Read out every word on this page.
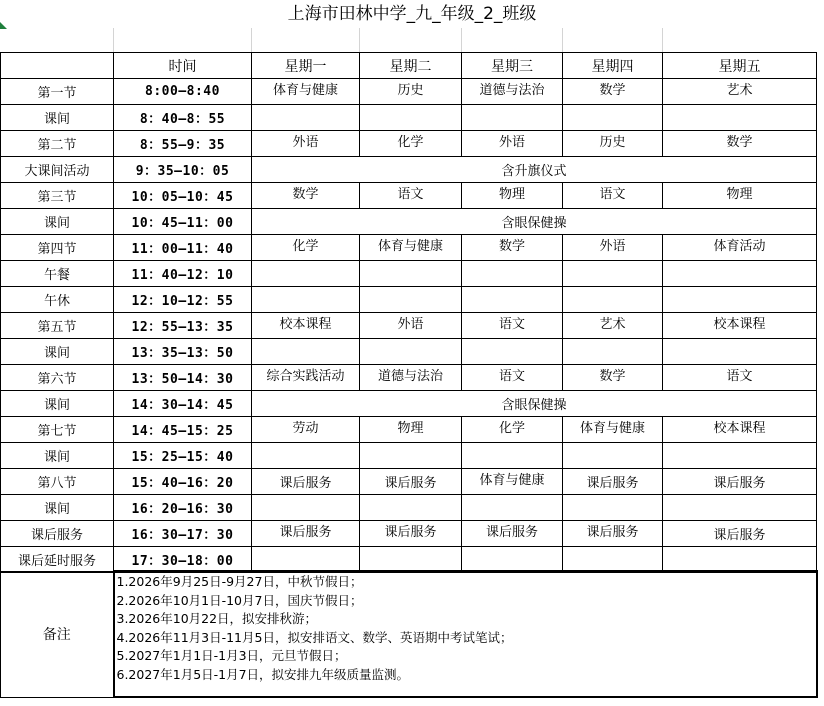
上海市田林中学_九_年级_2_班级
	时间	星期一	星期二	星期三	星期四	星期五
第一节	8:00—8:40	体育与健康	历史	道德与法治	数学	艺术
课间	8：40—8：55					
第二节	8：55—9：35	外语	化学	外语	历史	数学
大课间活动	9：35—10：05	含升旗仪式				
第三节	10：05—10：45	数学	语文	物理	语文	物理
课间	10：45—11：00	含眼保健操				
第四节	11：00—11：40	化学	体育与健康	数学	外语	体育活动
午餐	11：40—12：10					
午休	12：10—12：55					
第五节	12：55—13：35	校本课程	外语	语文	艺术	校本课程
课间	13：35—13：50					
第六节	13：50—14：30	综合实践活动	道德与法治	语文	数学	语文
课间	14：30—14：45	含眼保健操				
第七节	14：45—15：25	劳动	物理	化学	体育与健康	校本课程
课间	15：25—15：40					
第八节	15：40—16：20	课后服务	课后服务	体育与健康	课后服务	课后服务
课间	16：20—16：30					
课后服务	16：30—17：30	课后服务	课后服务	课后服务	课后服务	课后服务
课后延时服务	17：30—18：00					
备注	
1.2026年9月25日-9月27日，中秋节假日；
2.2026年10月1日-10月7日，国庆节假日；
3.2026年10月22日，拟安排秋游；
4.2026年11月3日-11月5日，拟安排语文、数学、英语期中考试笔试；
5.2027年1月1日-1月3日，元旦节假日；
6.2027年1月5日-1月7日，拟安排九年级质量监测。
